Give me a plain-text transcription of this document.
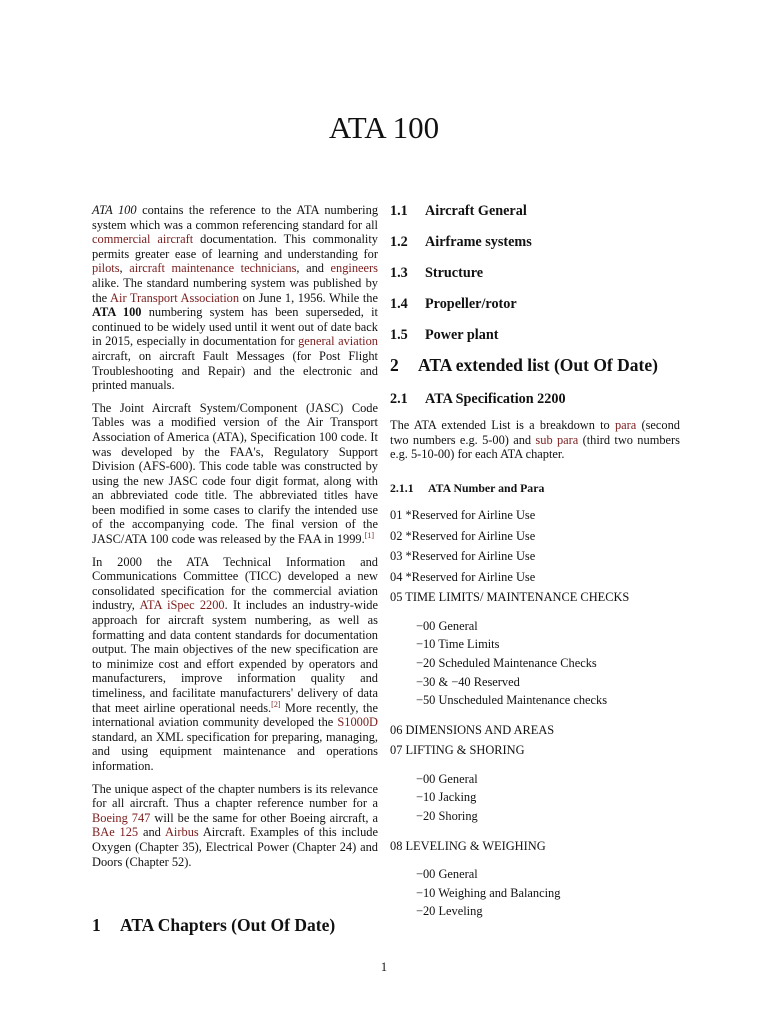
ATA 100

ATA 100 contains the reference to the ATA numbering system which was a common referencing standard for all commercial aircraft documentation. This commonality permits greater ease of learning and understanding for pilots, aircraft maintenance technicians, and engineers alike. The standard numbering system was published by the Air Transport Association on June 1, 1956. While the ATA 100 numbering system has been superseded, it continued to be widely used until it went out of date back in 2015, especially in documentation for general aviation aircraft, on aircraft Fault Messages (for Post Flight Troubleshooting and Repair) and the electronic and printed manuals.

The Joint Aircraft System/Component (JASC) Code Tables was a modified version of the Air Transport Association of America (ATA), Specification 100 code. It was developed by the FAA's, Regulatory Support Division (AFS-600). This code table was constructed by using the new JASC code four digit format, along with an abbreviated code title. The abbreviated titles have been modified in some cases to clarify the intended use of the accompanying code. The final version of the JASC/ATA 100 code was released by the FAA in 1999.[1]

In 2000 the ATA Technical Information and Communications Committee (TICC) developed a new consolidated specification for the commercial aviation industry, ATA iSpec 2200. It includes an industry-wide approach for aircraft system numbering, as well as formatting and data content standards for documentation output. The main objectives of the new specification are to minimize cost and effort expended by operators and manufacturers, improve information quality and timeliness, and facilitate manufacturers' delivery of data that meet airline operational needs.[2] More recently, the international aviation community developed the S1000D standard, an XML specification for preparing, managing, and using equipment maintenance and operations information.

The unique aspect of the chapter numbers is its relevance for all aircraft. Thus a chapter reference number for a Boeing 747 will be the same for other Boeing aircraft, a BAe 125 and Airbus Aircraft. Examples of this include Oxygen (Chapter 35), Electrical Power (Chapter 24) and Doors (Chapter 52).

1 ATA Chapters (Out Of Date)
1.1 Aircraft General
1.2 Airframe systems
1.3 Structure
1.4 Propeller/rotor
1.5 Power plant
2 ATA extended list (Out Of Date)
2.1 ATA Specification 2200

The ATA extended List is a breakdown to para (second two numbers e.g. 5-00) and sub para (third two numbers e.g. 5-10-00) for each ATA chapter.

2.1.1 ATA Number and Para

01 *Reserved for Airline Use

02 *Reserved for Airline Use

03 *Reserved for Airline Use

04 *Reserved for Airline Use

05 TIME LIMITS/ MAINTENANCE CHECKS

−00 General

−10 Time Limits

−20 Scheduled Maintenance Checks

−30 & −40 Reserved

−50 Unscheduled Maintenance checks

06 DIMENSIONS AND AREAS

07 LIFTING & SHORING

−00 General

−10 Jacking

−20 Shoring

08 LEVELING & WEIGHING

−00 General

−10 Weighing and Balancing

−20 Leveling

1
